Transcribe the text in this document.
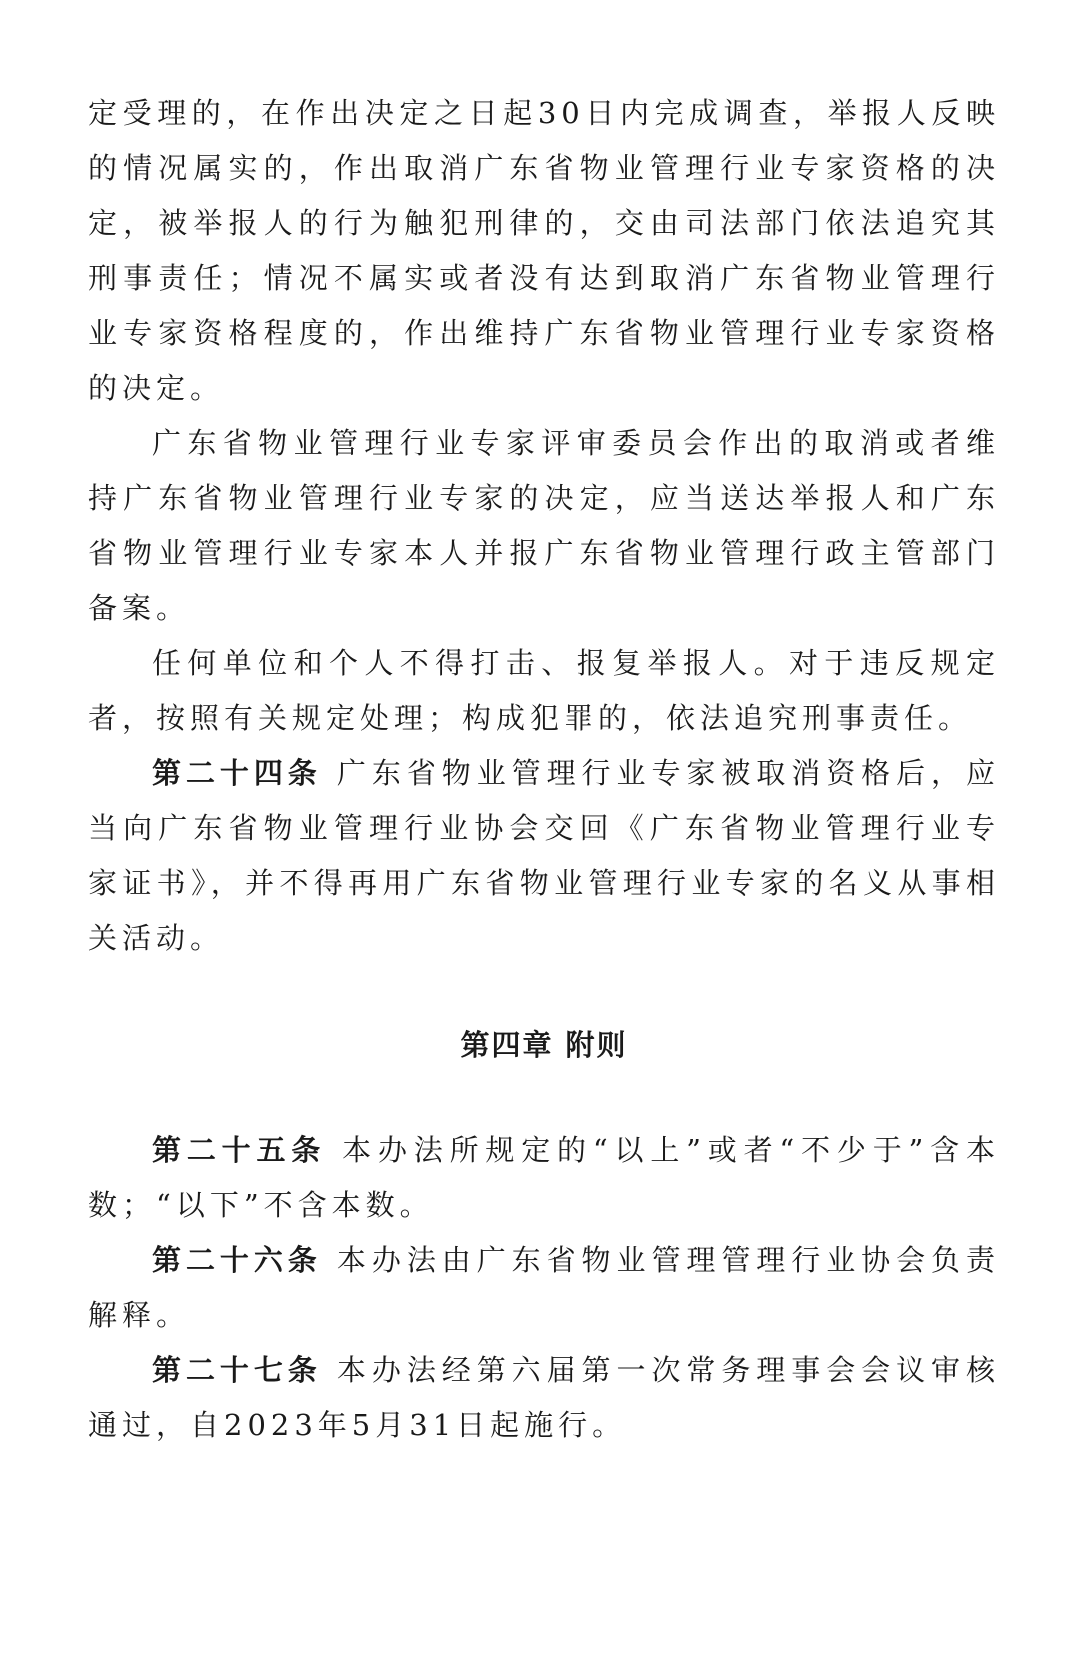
定受理的，在作出决定之日起30日内完成调查，举报人反映的情况属实的，作出取消广东省物业管理行业专家资格的决定，被举报人的行为触犯刑律的，交由司法部门依法追究其刑事责任；情况不属实或者没有达到取消广东省物业管理行业专家资格程度的，作出维持广东省物业管理行业专家资格的决定。

广东省物业管理行业专家评审委员会作出的取消或者维持广东省物业管理行业专家的决定，应当送达举报人和广东省物业管理行业专家本人并报广东省物业管理行政主管部门备案。

任何单位和个人不得打击、报复举报人。对于违反规定者，按照有关规定处理；构成犯罪的，依法追究刑事责任。

第二十四条 广东省物业管理行业专家被取消资格后，应当向广东省物业管理行业协会交回《广东省物业管理行业专家证书》，并不得再用广东省物业管理行业专家的名义从事相关活动。

第四章 附则

第二十五条 本办法所规定的“以上”或者“不少于”含本数；“以下”不含本数。

第二十六条 本办法由广东省物业管理管理行业协会负责解释。

第二十七条 本办法经第六届第一次常务理事会会议审核通过，自2023年5月31日起施行。
